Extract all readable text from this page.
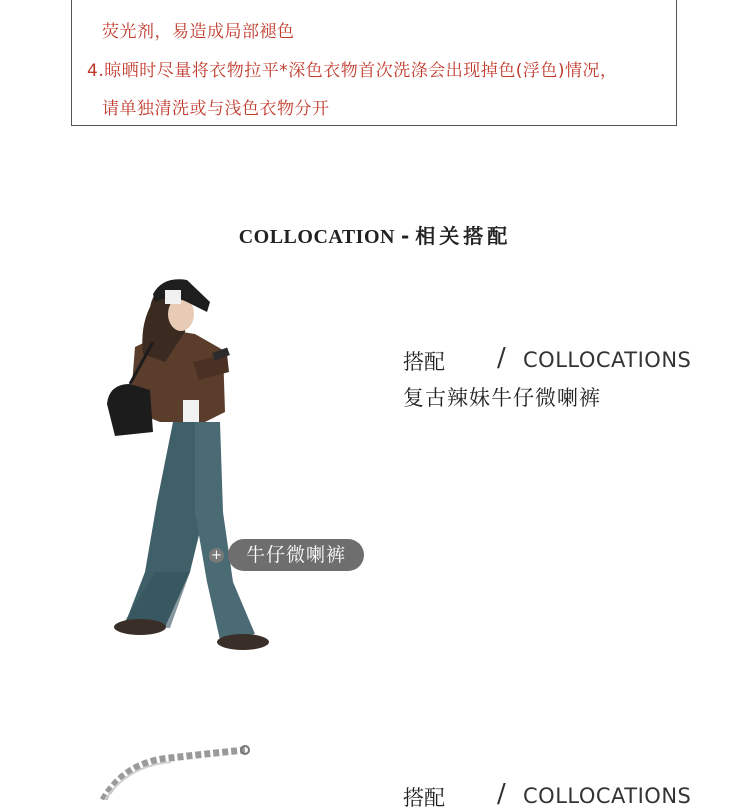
荧光剂，易造成局部褪色
4.晾晒时尽量将衣物拉平*深色衣物首次洗涤会出现掉色(浮色)情况，
请单独清洗或与浅色衣物分开
COLLOCATION - 相关搭配
+	牛仔微喇裤
搭配 / COLLOCATIONS
复古辣妹牛仔微喇裤
搭配 / COLLOCATIONS
